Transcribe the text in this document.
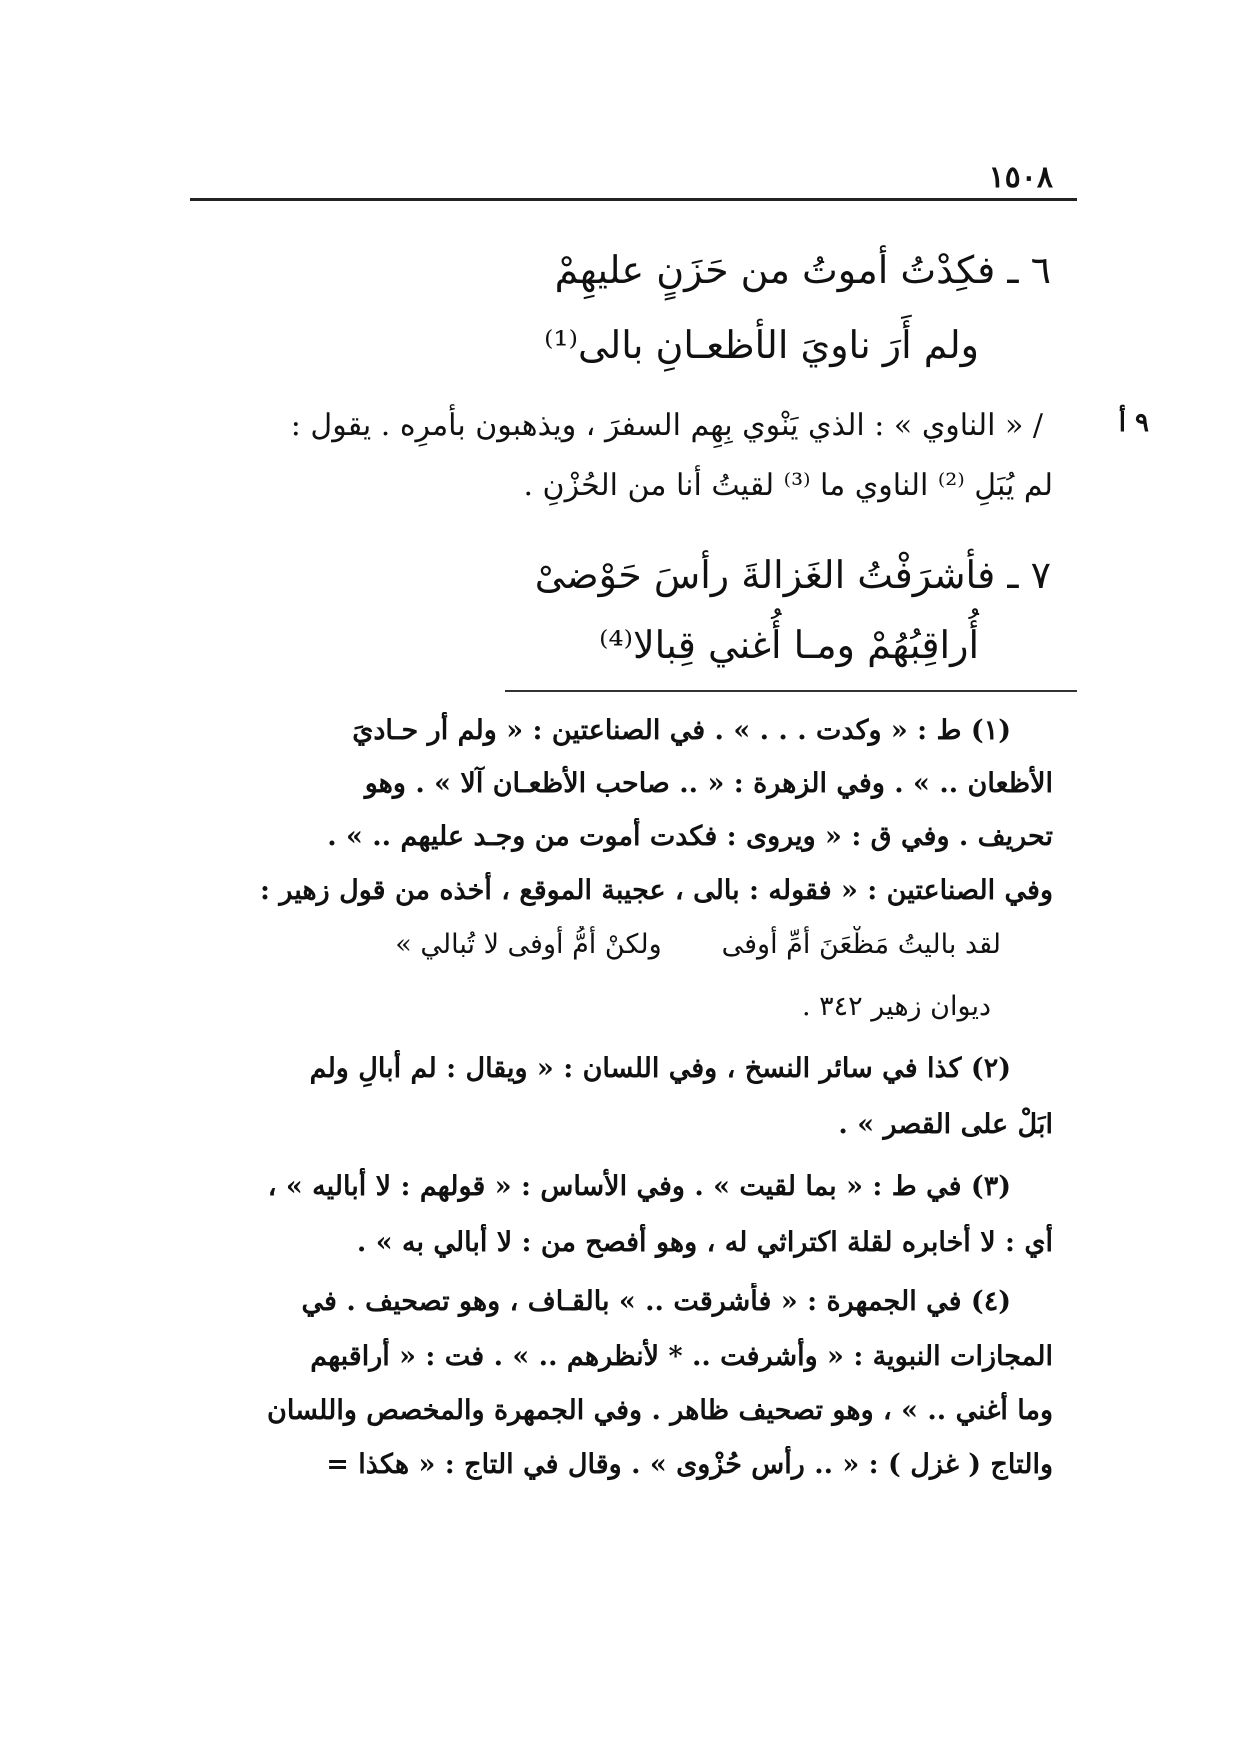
١٥٠٨
٦ ـ فكِدْتُ أموتُ من حَزَنٍ عليهِمْ
ولم أَرَ ناويَ الأظعـانِ بالى⁽¹⁾
٩ أ
/ « الناوي » : الذي يَنْوي بِهِم السفرَ ، ويذهبون بأمرِه . يقول :
لم يُبَلِ ⁽²⁾ الناوي ما ⁽³⁾ لقيتُ أنا من الحُزْنِ .
٧ ـ فأشرَفْتُ الغَزالةَ رأسَ حَوْضىْ
أُراقِبُهُمْ ومـا أُغني قِبالا⁽⁴⁾
(١) ط : « وكدت . . . » . في الصناعتين : « ولم أر حـاديَ
الأظعان .. » . وفي الزهرة : « .. صاحب الأظعـان آلا » . وهو
تحريف . وفي ق : « ويروى : فكدت أموت من وجـد عليهم .. » .
وفي الصناعتين : « فقوله : بالى ، عجيبة الموقع ، أخذه من قول زهير :
لقد باليتُ مَظْعَنَ أُمِّ أوفىولكنْ أمُّ أوفى لا تُبالي »
ديوان زهير ٣٤٢ .
(٢) كذا في سائر النسخ ، وفي اللسان : « ويقال : لم أُبالِ ولم
ابَلْ على القصر » .
(٣) في ط : « بما لقيت » . وفي الأساس : « قولهم : لا أباليه » ،
أي : لا أخابره لقلة اكتراثي له ، وهو أفصح من : لا أبالي به » .
(٤) في الجمهرة : « فأشرقت .. » بالقـاف ، وهو تصحيف . في
المجازات النبوية : « وأشرفت .. * لأنظرهم .. » . فت : « أراقبهم
وما أغني .. » ، وهو تصحيف ظاهر . وفي الجمهرة والمخصص واللسان
والتاج ( غزل ) : « .. رأس حُزْوى » . وقال في التاج : « هكذا =
